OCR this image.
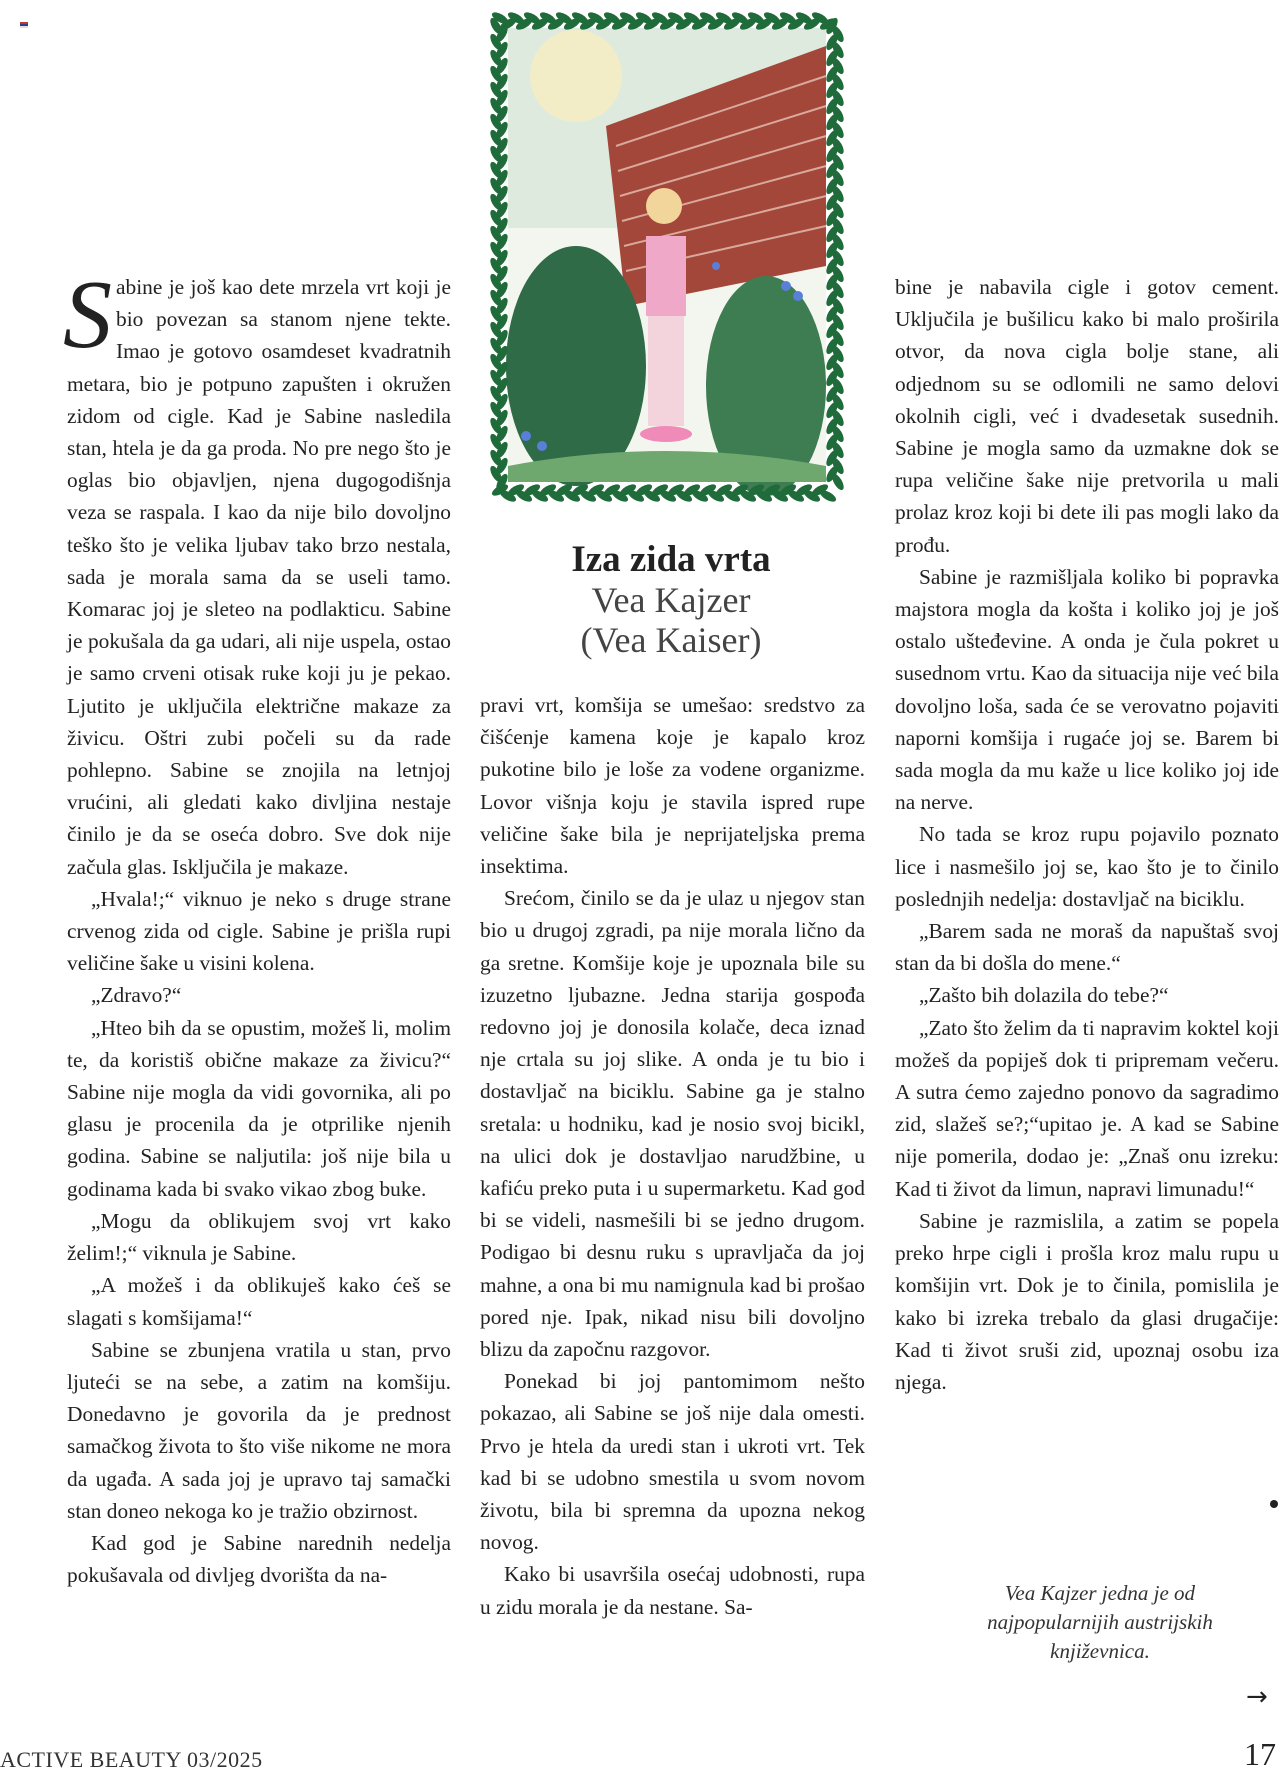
Sabine je još kao dete mrzela vrt koji je bio povezan sa stanom njene tekte. Imao je gotovo osamdeset kvadratnih metara, bio je potpuno zapušten i okružen zidom od cigle. Kad je Sabine nasledila stan, htela je da ga proda. No pre nego što je oglas bio objavljen, njena dugogodišnja veza se raspala. I kao da nije bilo dovoljno teško što je velika ljubav tako brzo nestala, sada je morala sama da se useli tamo. Komarac joj je sleteo na podlakticu. Sabine je pokušala da ga udari, ali nije uspela, ostao je samo crveni otisak ruke koji ju je pekao. Ljutito je uključila električne makaze za živicu. Oštri zubi počeli su da rade pohlepno. Sabine se znojila na letnjoj vrućini, ali gledati kako divljina nestaje činilo je da se oseća dobro. Sve dok nije začula glas. Isključila je makaze.

„Hvala!;“ viknuo je neko s druge strane crvenog zida od cigle. Sabine je prišla rupi veličine šake u visini kolena.

„Zdravo?“

„Hteo bih da se opustim, možeš li, molim te, da koristiš obične makaze za živicu?“ Sabine nije mogla da vidi govornika, ali po glasu je procenila da je otprilike njenih godina. Sabine se naljutila: još nije bila u godinama kada bi svako vikao zbog buke.

„Mogu da oblikujem svoj vrt kako želim!;“ viknula je Sabine.

„A možeš i da oblikuješ kako ćeš se slagati s komšijama!“

Sabine se zbunjena vratila u stan, prvo ljuteći se na sebe, a zatim na komšiju. Donedavno je govorila da je prednost samačkog života to što više nikome ne mora da ugađa. A sada joj je upravo taj samački stan doneo nekoga ko je tražio obzirnost.

Kad god je Sabine narednih nedelja pokušavala od divljeg dvorišta da na-

Iza zida vrta
Vea Kajzer
(Vea Kaiser)

pravi vrt, komšija se umešao: sredstvo za čišćenje kamena koje je kapalo kroz pukotine bilo je loše za vodene organizme. Lovor višnja koju je stavila ispred rupe veličine šake bila je neprijateljska prema insektima.

Srećom, činilo se da je ulaz u njegov stan bio u drugoj zgradi, pa nije morala lično da ga sretne. Komšije koje je upoznala bile su izuzetno ljubazne. Jedna starija gospođa redovno joj je donosila kolače, deca iznad nje crtala su joj slike. A onda je tu bio i dostavljač na biciklu. Sabine ga je stalno sretala: u hodniku, kad je nosio svoj bicikl, na ulici dok je dostavljao narudžbine, u kafiću preko puta i u supermarketu. Kad god bi se videli, nasmešili bi se jedno drugom. Podigao bi desnu ruku s upravljača da joj mahne, a ona bi mu namignula kad bi prošao pored nje. Ipak, nikad nisu bili dovoljno blizu da započnu razgovor.

Ponekad bi joj pantomimom nešto pokazao, ali Sabine se još nije dala omesti. Prvo je htela da uredi stan i ukroti vrt. Tek kad bi se udobno smestila u svom novom životu, bila bi spremna da upozna nekog novog.

Kako bi usavršila osećaj udobnosti, rupa u zidu morala je da nestane. Sa-

bine je nabavila cigle i gotov cement. Uključila je bušilicu kako bi malo proširila otvor, da nova cigla bolje stane, ali odjednom su se odlomili ne samo delovi okolnih cigli, već i dvadesetak susednih. Sabine je mogla samo da uzmakne dok se rupa veličine šake nije pretvorila u mali prolaz kroz koji bi dete ili pas mogli lako da prođu.

Sabine je razmišljala koliko bi popravka majstora mogla da košta i koliko joj je još ostalo ušteđevine. A onda je čula pokret u susednom vrtu. Kao da situacija nije već bila dovoljno loša, sada će se verovatno pojaviti naporni komšija i rugaće joj se. Barem bi sada mogla da mu kaže u lice koliko joj ide na nerve.

No tada se kroz rupu pojavilo poznato lice i nasmešilo joj se, kao što je to činilo poslednjih nedelja: dostavljač na biciklu.

„Barem sada ne moraš da napuštaš svoj stan da bi došla do mene.“

„Zašto bih dolazila do tebe?“

„Zato što želim da ti napravim koktel koji možeš da popiješ dok ti pripremam večeru. A sutra ćemo zajedno ponovo da sagradimo zid, slažeš se?;“upitao je. A kad se Sabine nije pomerila, dodao je: „Znaš onu izreku: Kad ti život da limun, napravi limunadu!“

Sabine je razmislila, a zatim se popela preko hrpe cigli i prošla kroz malu rupu u komšijin vrt. Dok je to činila, pomislila je kako bi izreka trebalo da glasi drugačije: Kad ti život sruši zid, upoznaj osobu iza njega.

Vea Kajzer jedna je od najpopularnijih austrijskih književnica.
→
ACTIVE BEAUTY 03/2025	17
